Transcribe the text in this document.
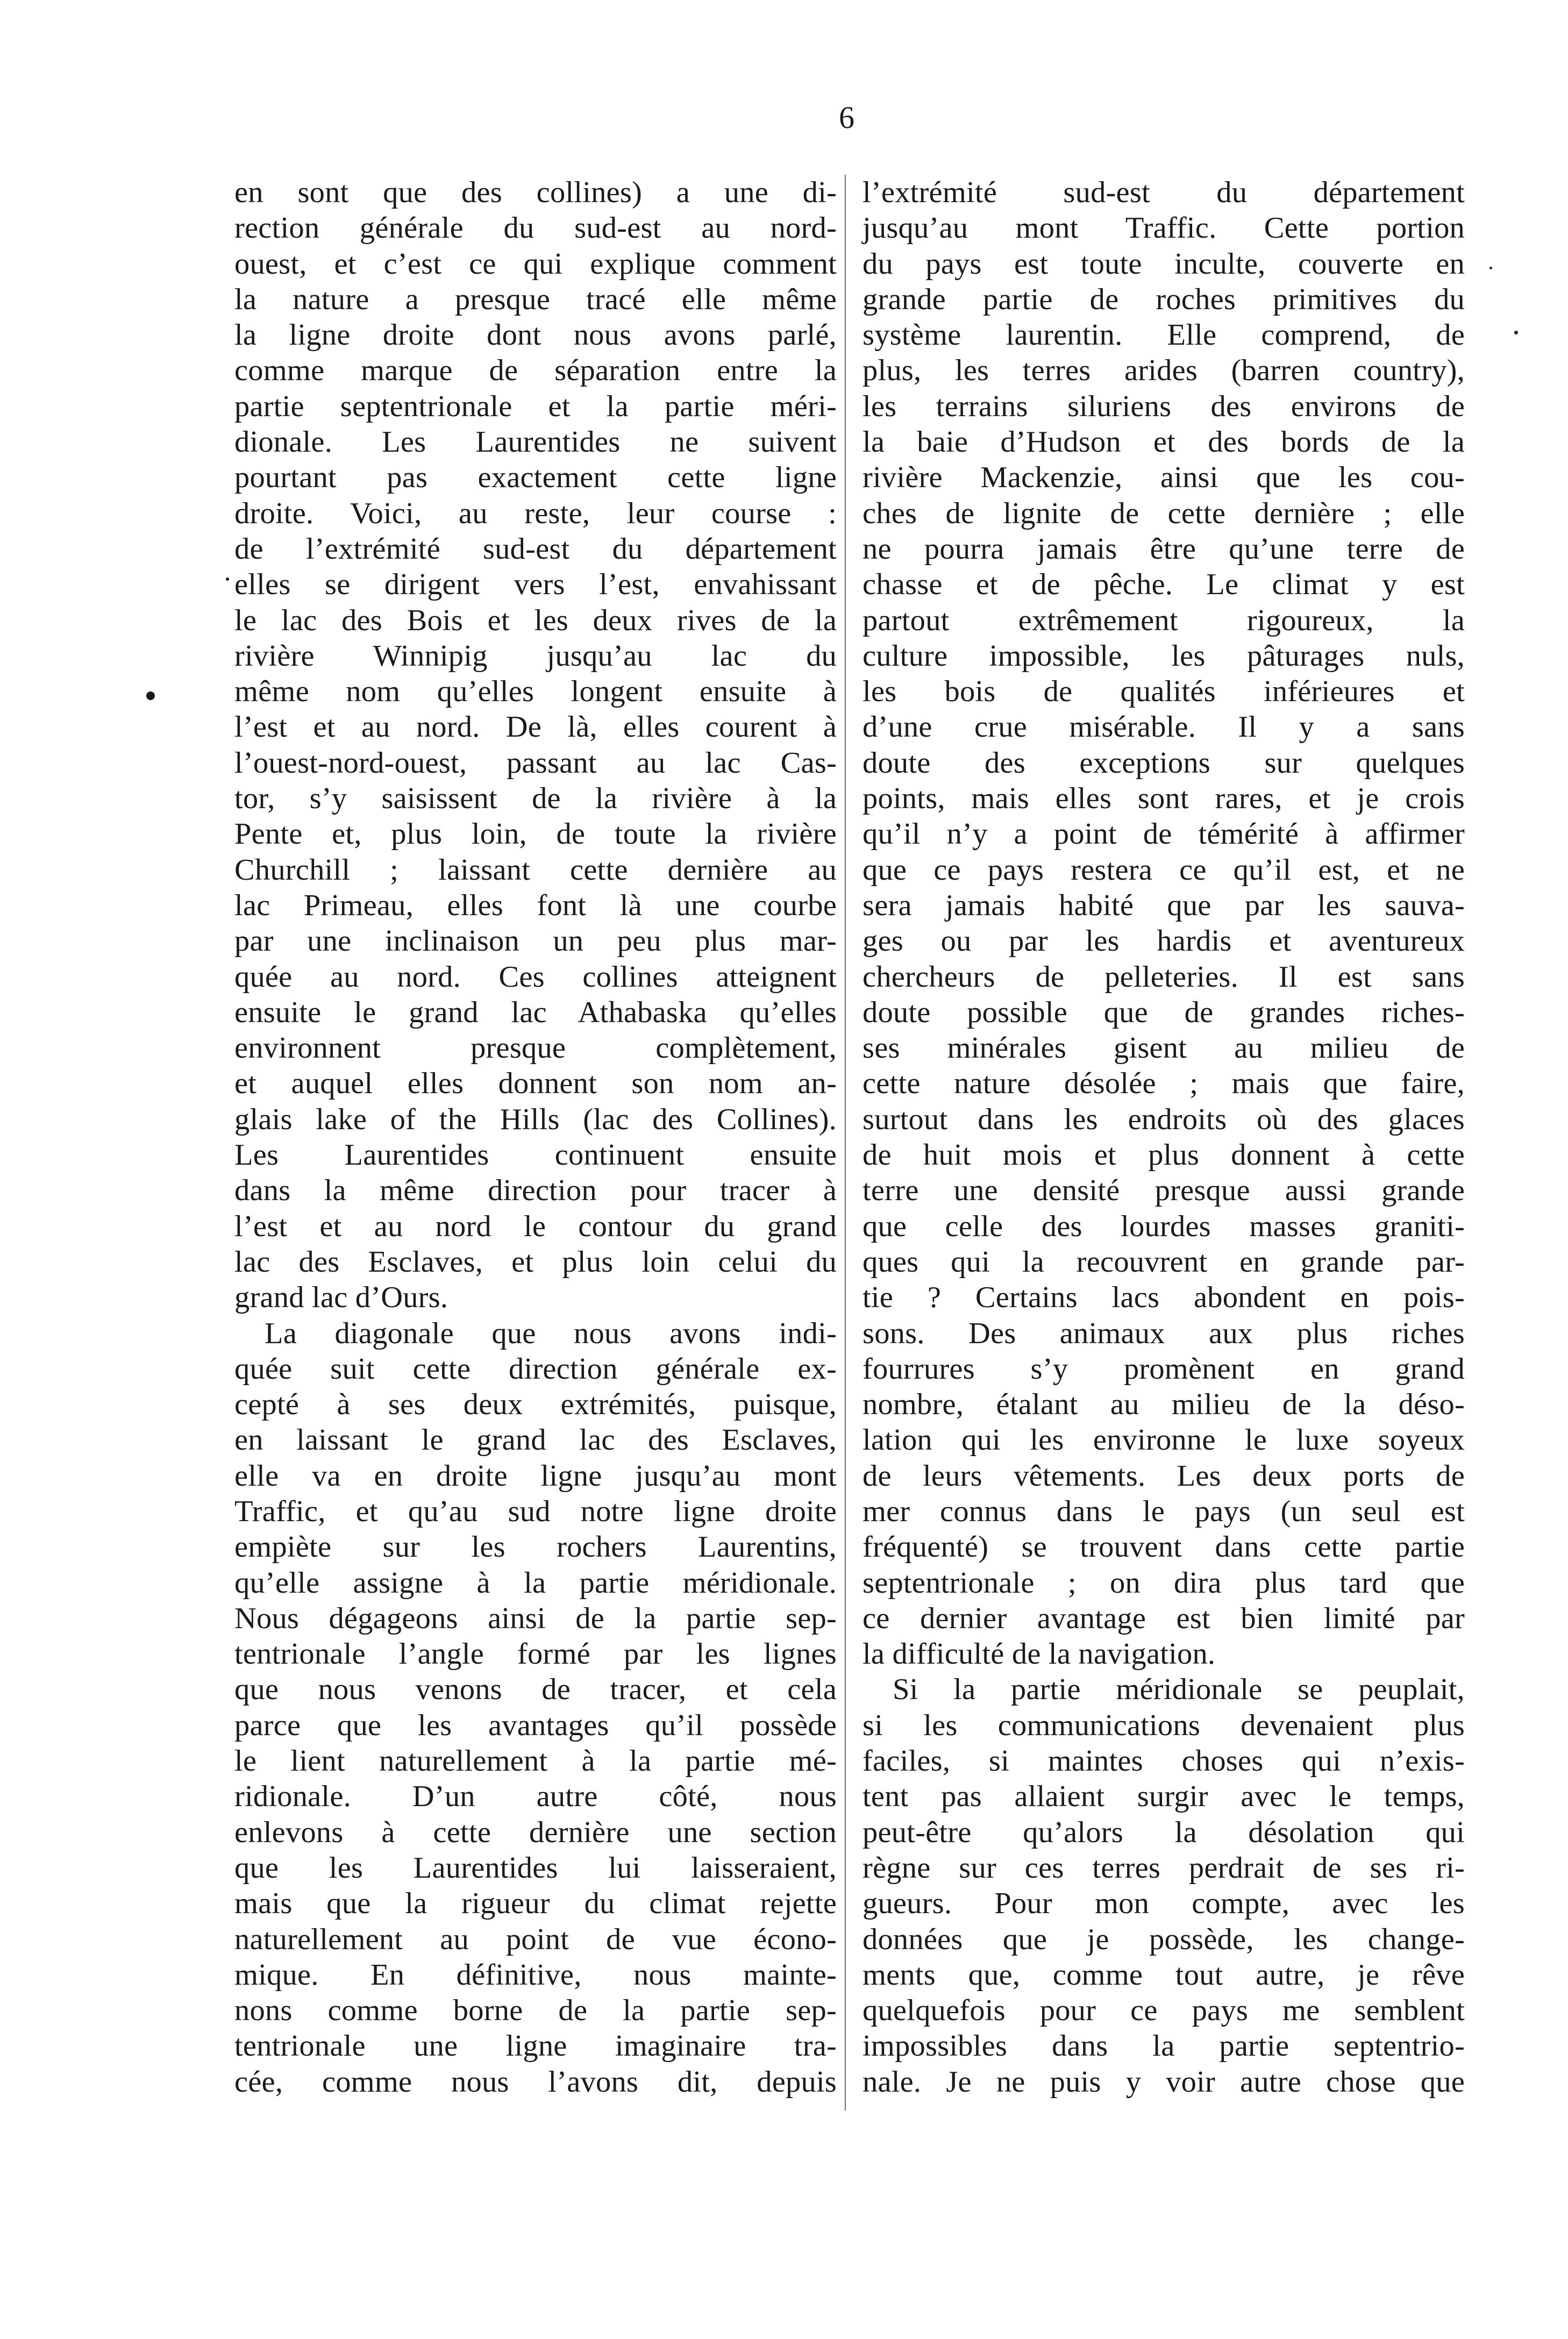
6
en sont que des collines) a une di-
rection générale du sud-est au nord-
ouest, et c’est ce qui explique comment
la nature a presque tracé elle même
la ligne droite dont nous avons parlé,
comme marque de séparation entre la
partie septentrionale et la partie méri-
dionale. Les Laurentides ne suivent
pourtant pas exactement cette ligne
droite. Voici, au reste, leur course :
de l’extrémité sud-est du département
elles se dirigent vers l’est, envahissant
le lac des Bois et les deux rives de la
rivière Winnipig jusqu’au lac du
même nom qu’elles longent ensuite à
l’est et au nord. De là, elles courent à
l’ouest-nord-ouest, passant au lac Cas-
tor, s’y saisissent de la rivière à la
Pente et, plus loin, de toute la rivière
Churchill ; laissant cette dernière au
lac Primeau, elles font là une courbe
par une inclinaison un peu plus mar-
quée au nord. Ces collines atteignent
ensuite le grand lac Athabaska qu’elles
environnent presque complètement,
et auquel elles donnent son nom an-
glais lake of the Hills (lac des Collines).
Les Laurentides continuent ensuite
dans la même direction pour tracer à
l’est et au nord le contour du grand
lac des Esclaves, et plus loin celui du
grand lac d’Ours.
La diagonale que nous avons indi-
quée suit cette direction générale ex-
cepté à ses deux extrémités, puisque,
en laissant le grand lac des Esclaves,
elle va en droite ligne jusqu’au mont
Traffic, et qu’au sud notre ligne droite
empiète sur les rochers Laurentins,
qu’elle assigne à la partie méridionale.
Nous dégageons ainsi de la partie sep-
tentrionale l’angle formé par les lignes
que nous venons de tracer, et cela
parce que les avantages qu’il possède
le lient naturellement à la partie mé-
ridionale. D’un autre côté, nous
enlevons à cette dernière une section
que les Laurentides lui laisseraient,
mais que la rigueur du climat rejette
naturellement au point de vue écono-
mique. En définitive, nous mainte-
nons comme borne de la partie sep-
tentrionale une ligne imaginaire tra-
cée, comme nous l’avons dit, depuis
l’extrémité sud-est du département
jusqu’au mont Traffic. Cette portion
du pays est toute inculte, couverte en
grande partie de roches primitives du
système laurentin. Elle comprend, de
plus, les terres arides (barren country),
les terrains siluriens des environs de
la baie d’Hudson et des bords de la
rivière Mackenzie, ainsi que les cou-
ches de lignite de cette dernière ; elle
ne pourra jamais être qu’une terre de
chasse et de pêche. Le climat y est
partout extrêmement rigoureux, la
culture impossible, les pâturages nuls,
les bois de qualités inférieures et
d’une crue misérable. Il y a sans
doute des exceptions sur quelques
points, mais elles sont rares, et je crois
qu’il n’y a point de témérité à affirmer
que ce pays restera ce qu’il est, et ne
sera jamais habité que par les sauva-
ges ou par les hardis et aventureux
chercheurs de pelleteries. Il est sans
doute possible que de grandes riches-
ses minérales gisent au milieu de
cette nature désolée ; mais que faire,
surtout dans les endroits où des glaces
de huit mois et plus donnent à cette
terre une densité presque aussi grande
que celle des lourdes masses graniti-
ques qui la recouvrent en grande par-
tie ? Certains lacs abondent en pois-
sons. Des animaux aux plus riches
fourrures s’y promènent en grand
nombre, étalant au milieu de la déso-
lation qui les environne le luxe soyeux
de leurs vêtements. Les deux ports de
mer connus dans le pays (un seul est
fréquenté) se trouvent dans cette partie
septentrionale ; on dira plus tard que
ce dernier avantage est bien limité par
la difficulté de la navigation.
Si la partie méridionale se peuplait,
si les communications devenaient plus
faciles, si maintes choses qui n’exis-
tent pas allaient surgir avec le temps,
peut-être qu’alors la désolation qui
règne sur ces terres perdrait de ses ri-
gueurs. Pour mon compte, avec les
données que je possède, les change-
ments que, comme tout autre, je rêve
quelquefois pour ce pays me semblent
impossibles dans la partie septentrio-
nale. Je ne puis y voir autre chose que
